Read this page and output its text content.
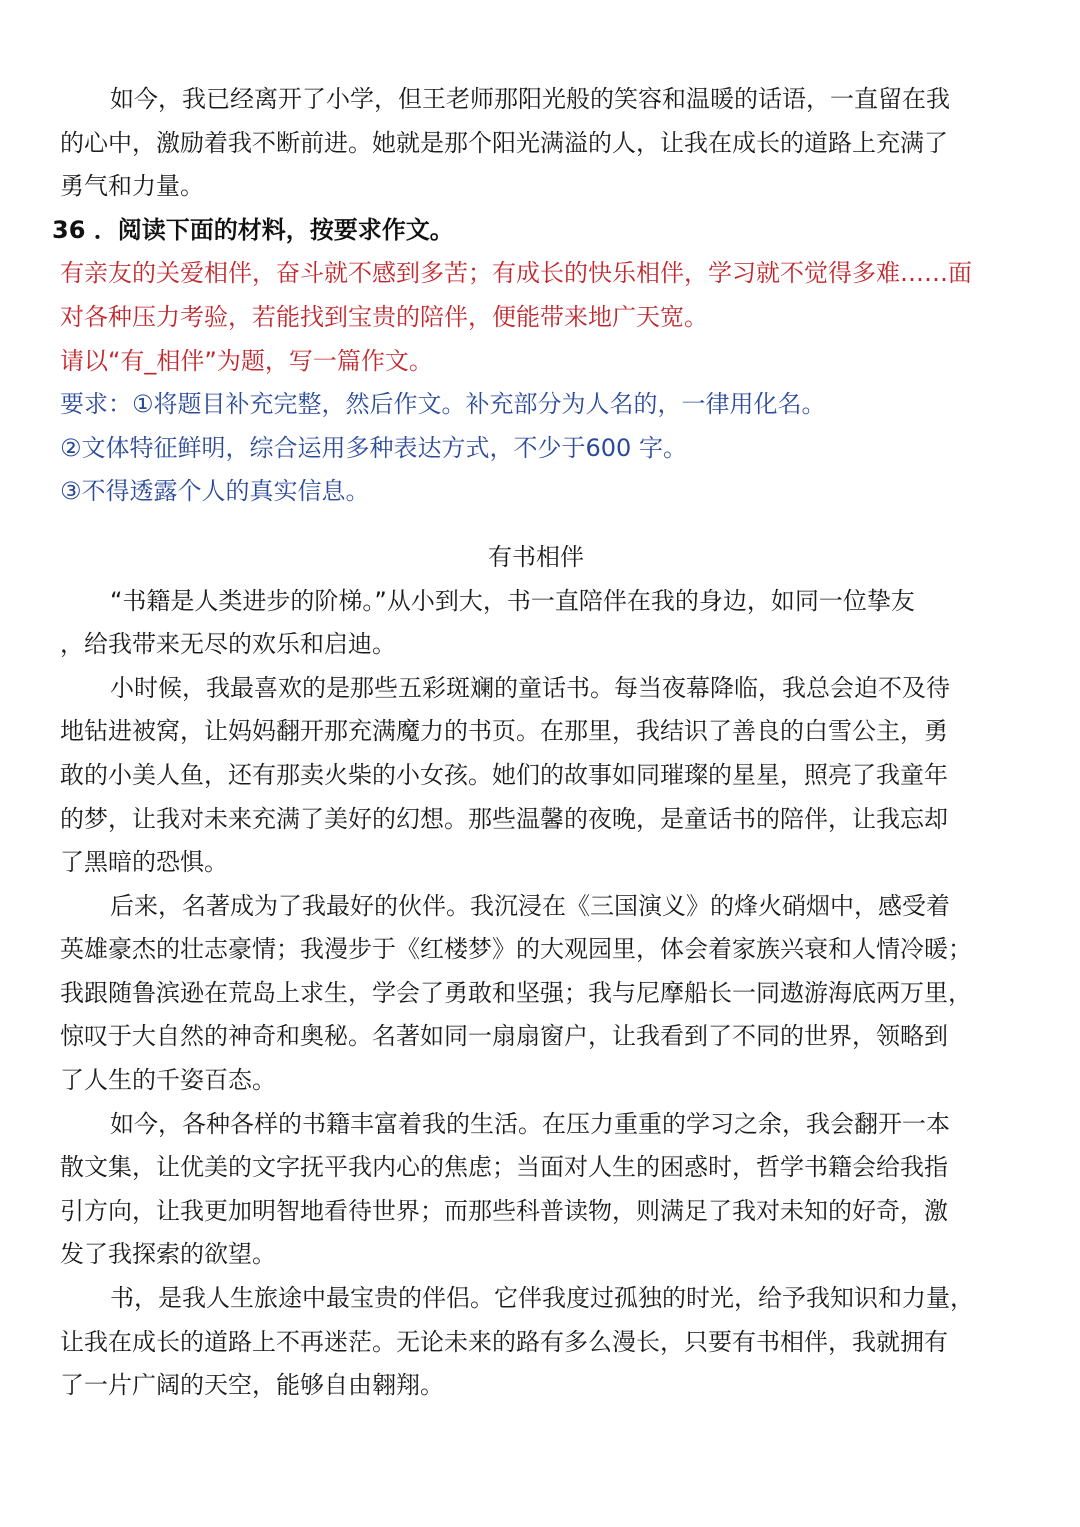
如今，我已经离开了小学，但王老师那阳光般的笑容和温暖的话语，一直留在我
的心中，激励着我不断前进。她就是那个阳光满溢的人，让我在成长的道路上充满了
勇气和力量。
36 ．阅读下面的材料，按要求作文。
有亲友的关爱相伴，奋斗就不感到多苦；有成长的快乐相伴，学习就不觉得多难……面
对各种压力考验，若能找到宝贵的陪伴，便能带来地广天宽。
请以“有_相伴”为题，写一篇作文。
要求：①将题目补充完整，然后作文。补充部分为人名的，一律用化名。
②文体特征鲜明，综合运用多种表达方式，不少于600 字。
③不得透露个人的真实信息。
有书相伴
“书籍是人类进步的阶梯。”从小到大，书一直陪伴在我的身边，如同一位挚友
，给我带来无尽的欢乐和启迪。
小时候，我最喜欢的是那些五彩斑斓的童话书。每当夜幕降临，我总会迫不及待
地钻进被窝，让妈妈翻开那充满魔力的书页。在那里，我结识了善良的白雪公主，勇
敢的小美人鱼，还有那卖火柴的小女孩。她们的故事如同璀璨的星星，照亮了我童年
的梦，让我对未来充满了美好的幻想。那些温馨的夜晚，是童话书的陪伴，让我忘却
了黑暗的恐惧。
后来，名著成为了我最好的伙伴。我沉浸在《三国演义》的烽火硝烟中，感受着
英雄豪杰的壮志豪情；我漫步于《红楼梦》的大观园里，体会着家族兴衰和人情冷暖；
我跟随鲁滨逊在荒岛上求生，学会了勇敢和坚强；我与尼摩船长一同遨游海底两万里，
惊叹于大自然的神奇和奥秘。名著如同一扇扇窗户，让我看到了不同的世界，领略到
了人生的千姿百态。
如今，各种各样的书籍丰富着我的生活。在压力重重的学习之余，我会翻开一本
散文集，让优美的文字抚平我内心的焦虑；当面对人生的困惑时，哲学书籍会给我指
引方向，让我更加明智地看待世界；而那些科普读物，则满足了我对未知的好奇，激
发了我探索的欲望。
书，是我人生旅途中最宝贵的伴侣。它伴我度过孤独的时光，给予我知识和力量，
让我在成长的道路上不再迷茫。无论未来的路有多么漫长，只要有书相伴，我就拥有
了一片广阔的天空，能够自由翱翔。
